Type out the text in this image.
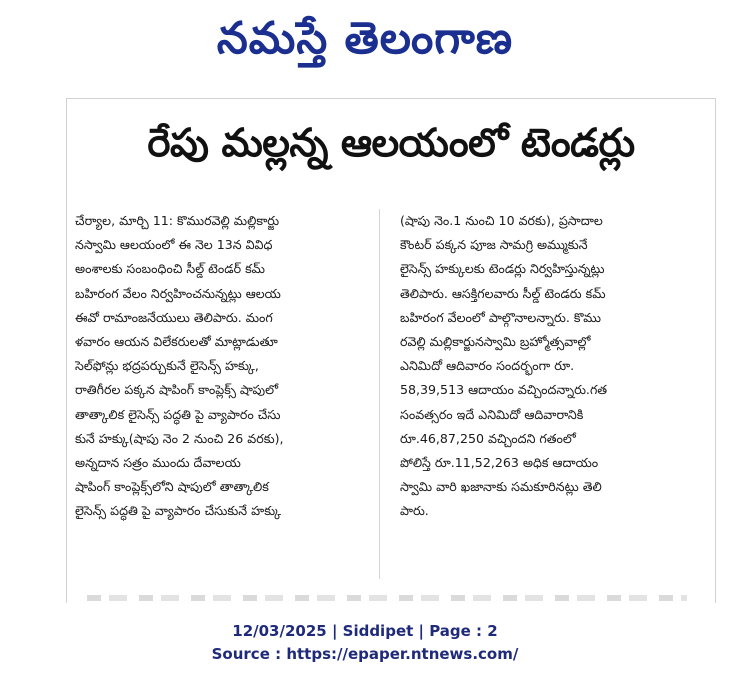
నమస్తే తెలంగాణ
రేపు మల్లన్న ఆలయంలో టెండర్లు
చేర్యాల, మార్చి 11: కొమురవెల్లి మల్లికార్జు
నస్వామి ఆలయంలో ఈ నెల 13న వివిధ
అంశాలకు సంబంధించి సీల్డ్ టెండర్ కమ్
బహిరంగ వేలం నిర్వహించనున్నట్లు ఆలయ
ఈవో రామాంజనేయులు తెలిపారు. మంగ
ళవారం ఆయన విలేకరులతో మాట్లాడుతూ
సెల్‌ఫోన్లు భద్రపర్చుకునే లైసెన్స్ హక్కు,
రాతిగీరల పక్కన షాపింగ్ కాంప్లెక్స్ షాపులో
తాత్కాలిక లైసెన్స్ పద్ధతి పై వ్యాపారం చేసు
కునే హక్కు(షాపు నెం 2 నుంచి 26 వరకు),
అన్నదాన సత్రం ముందు దేవాలయ
షాపింగ్ కాంప్లెక్స్‌లోని షాపులో తాత్కాలిక
లైసెన్స్ పద్ధతి పై వ్యాపారం చేసుకునే హక్కు
(షాపు నెం.1 నుంచి 10 వరకు), ప్రసాదాల
కౌంటర్ పక్కన పూజ సామగ్రి అమ్ముకునే
లైసెన్స్ హక్కులకు టెండర్లు నిర్వహిస్తున్నట్లు
తెలిపారు. ఆసక్తిగలవారు సీల్డ్ టెండరు కమ్
బహిరంగ వేలంలో పాల్గొనాలన్నారు. కొము
రవెల్లి మల్లికార్జునస్వామి బ్రహ్మోత్సవాల్లో
ఎనిమిదో ఆదివారం సందర్భంగా రూ.
58,39,513 ఆదాయం వచ్చిందన్నారు.గత
సంవత్సరం ఇదే ఎనిమిదో ఆదివారానికి
రూ.46,87,250 వచ్చిందని గతంలో
పోలిస్తే రూ.11,52,263 అధిక ఆదాయం
స్వామి వారి ఖజానాకు సమకూరినట్లు తెలి
పారు.
12/03/2025 | Siddipet | Page : 2
Source : https://epaper.ntnews.com/
